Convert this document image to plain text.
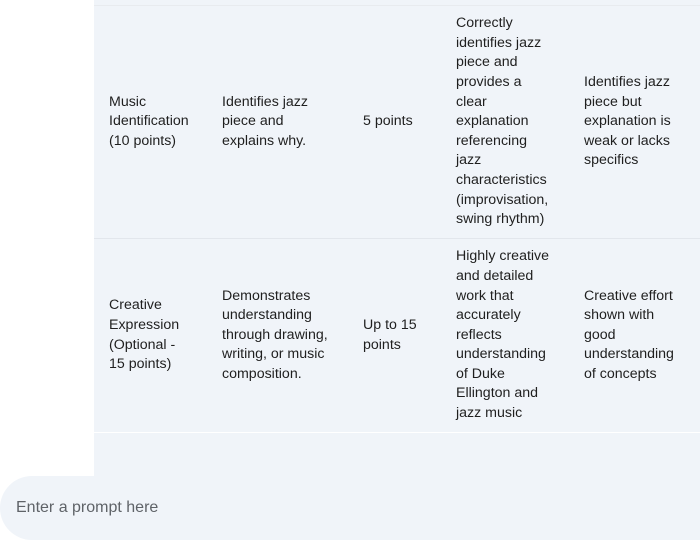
Music
Identification
(10 points)
Identifies jazz
piece and
explains why.
5 points
Correctly
identifies jazz
piece and
provides a
clear
explanation
referencing
jazz
characteristics
(improvisation,
swing rhythm)
Identifies jazz
piece but
explanation is
weak or lacks
specifics
Creative
Expression
(Optional -
15 points)
Demonstrates
understanding
through drawing,
writing, or music
composition.
Up to 15
points
Highly creative
and detailed
work that
accurately
reflects
understanding
of Duke
Ellington and
jazz music
Creative effort
shown with
good
understanding
of concepts
Enter a prompt here
